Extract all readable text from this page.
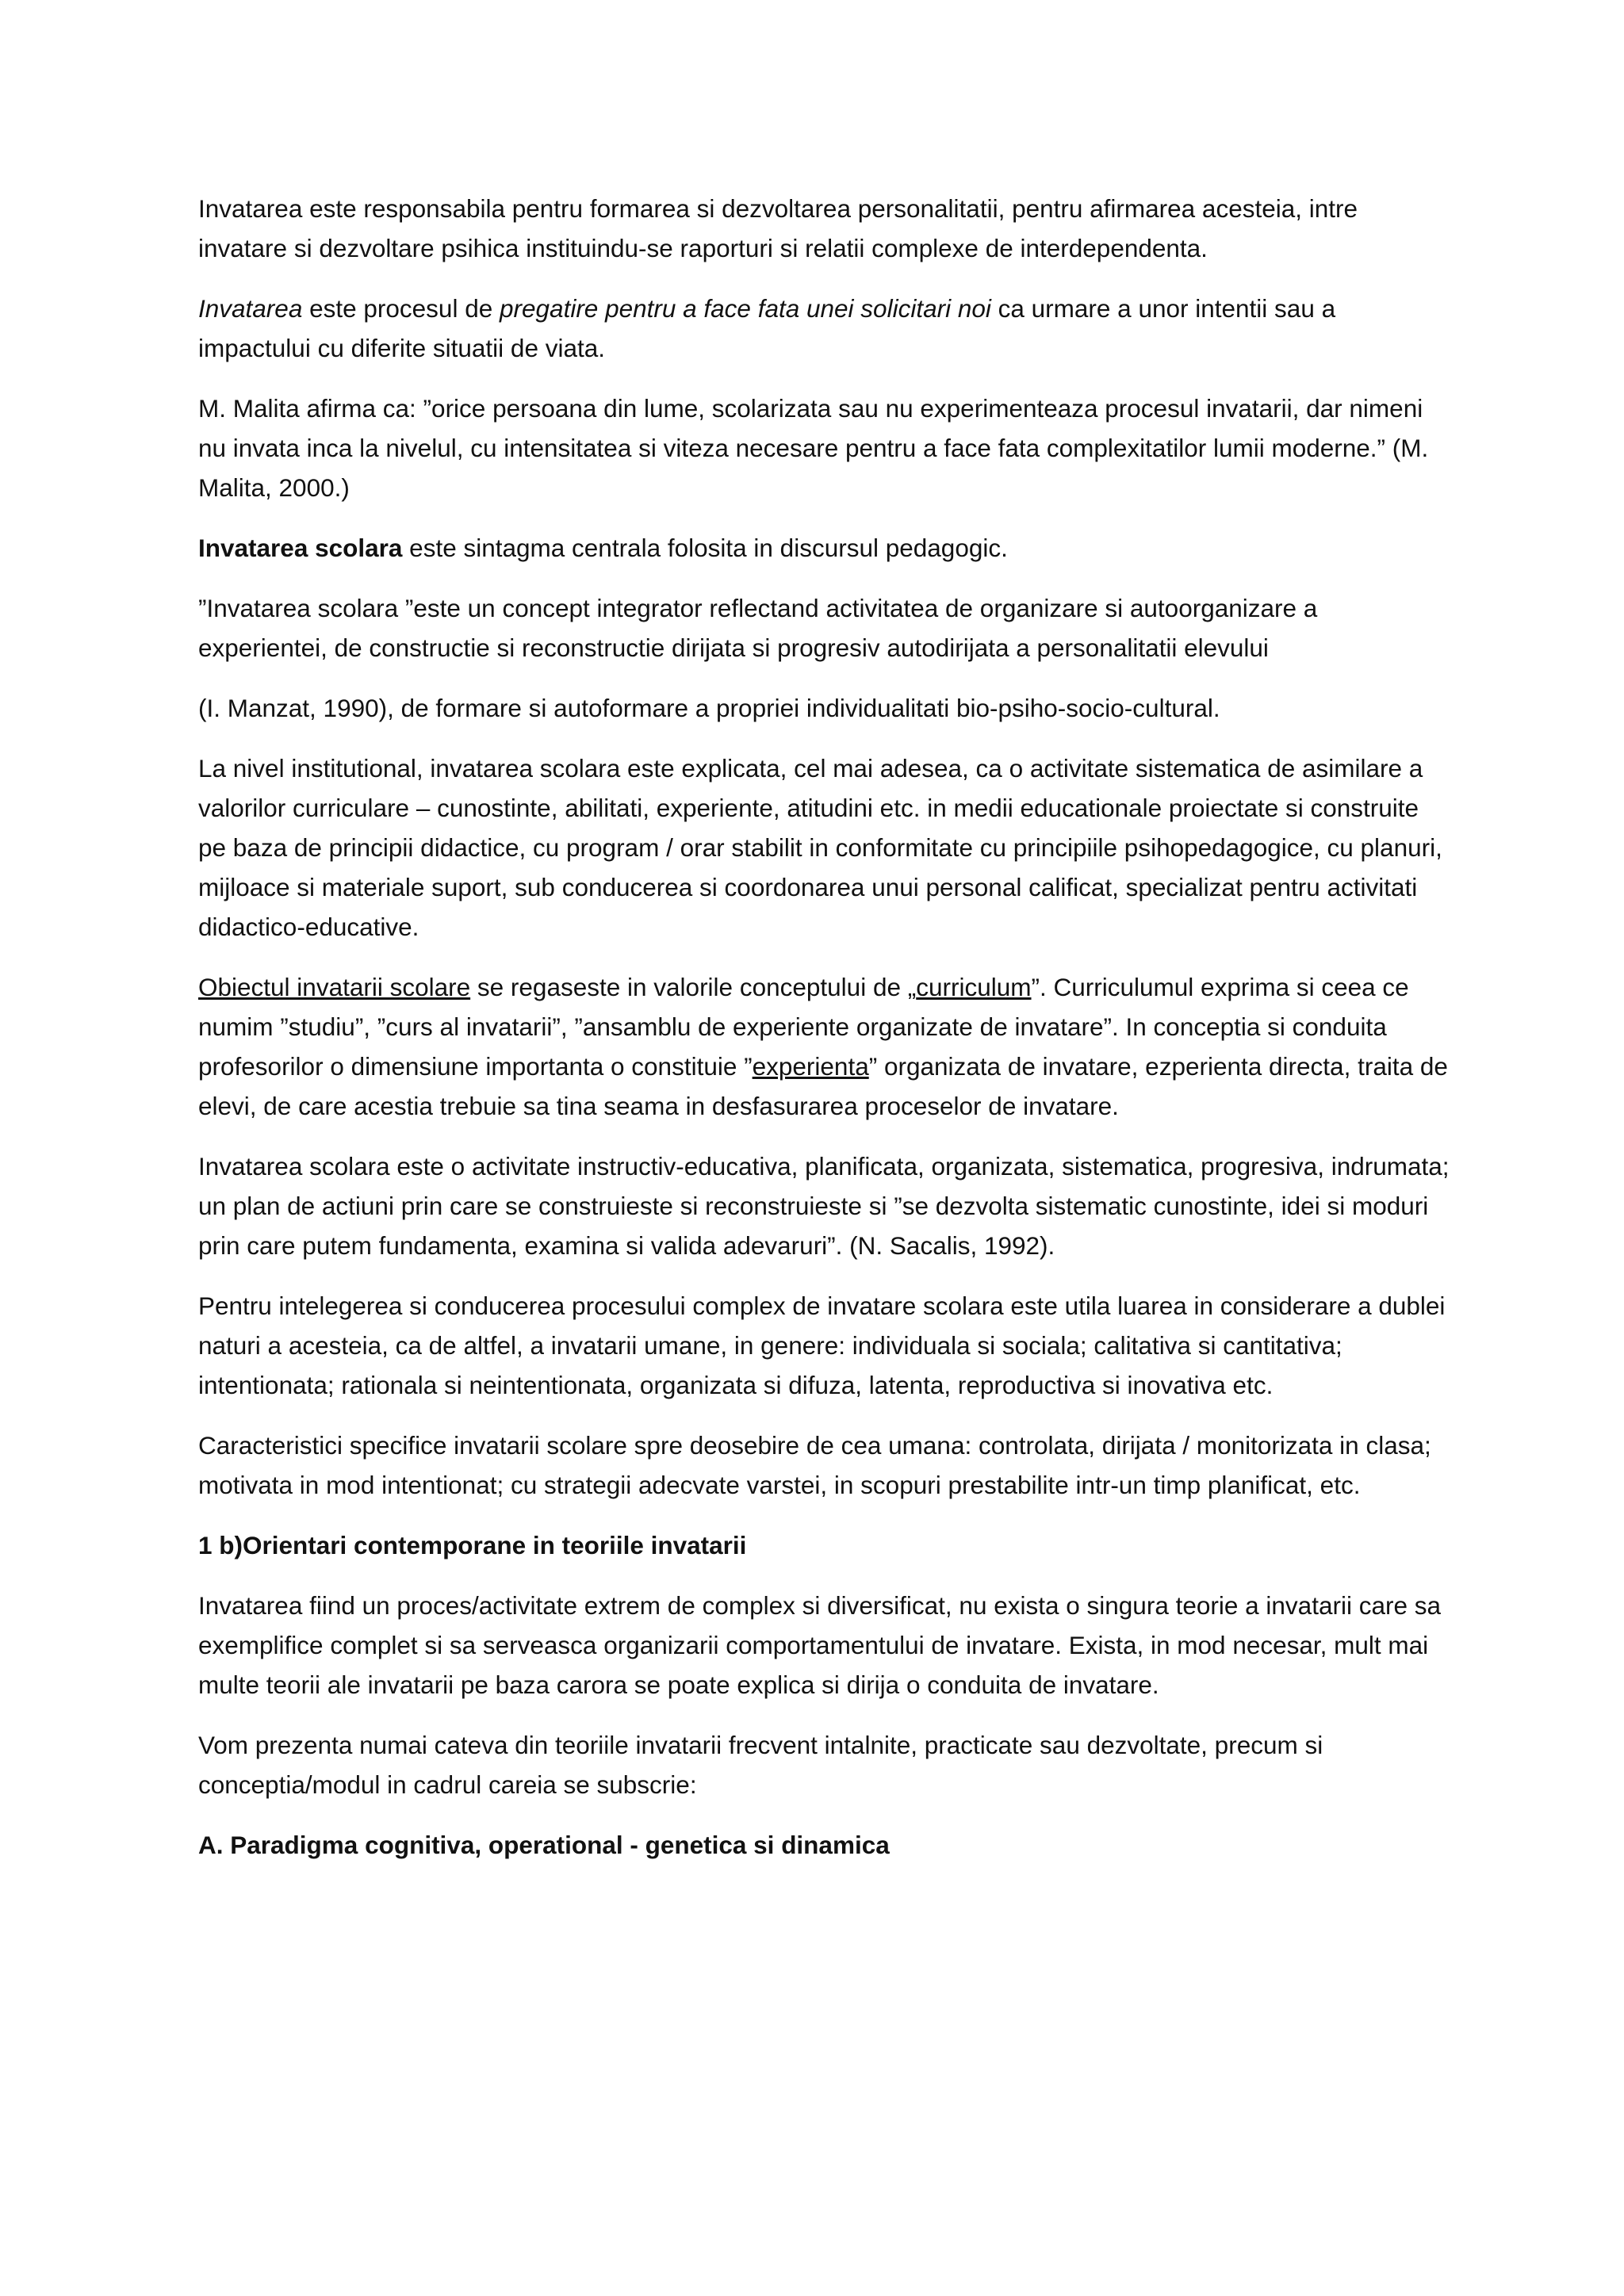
Invatarea este responsabila pentru formarea si dezvoltarea personalitatii, pentru afirmarea acesteia, intre invatare si dezvoltare psihica instituindu-se raporturi si relatii complexe de interdependenta.

Invatarea este procesul de pregatire pentru a face fata unei solicitari noi ca urmare a unor intentii sau a impactului cu diferite situatii de viata.

M. Malita afirma ca: ”orice persoana din lume, scolarizata sau nu experimenteaza procesul invatarii, dar nimeni nu invata inca la nivelul, cu intensitatea si viteza necesare pentru a face fata complexitatilor lumii moderne.” (M. Malita, 2000.)

Invatarea scolara este sintagma centrala folosita in discursul pedagogic.

”Invatarea scolara ”este un concept integrator reflectand activitatea de organizare si autoorganizare a experientei, de constructie si reconstructie dirijata si progresiv autodirijata a personalitatii elevului

(I. Manzat, 1990), de formare si autoformare a propriei individualitati bio-psiho-socio-cultural.

La nivel institutional, invatarea scolara este explicata, cel mai adesea, ca o activitate sistematica de asimilare a valorilor curriculare – cunostinte, abilitati, experiente, atitudini etc. in medii educationale proiectate si construite pe baza de principii didactice, cu program / orar stabilit in conformitate cu principiile psihopedagogice, cu planuri, mijloace si materiale suport, sub conducerea si coordonarea unui personal calificat, specializat pentru activitati didactico-educative.

Obiectul invatarii scolare se regaseste in valorile conceptului de „curriculum”. Curriculumul exprima si ceea ce numim ”studiu”, ”curs al invatarii”, ”ansamblu de experiente organizate de invatare”. In conceptia si conduita profesorilor o dimensiune importanta o constituie ”experienta” organizata de invatare, ezperienta directa, traita de elevi, de care acestia trebuie sa tina seama in desfasurarea proceselor de invatare.

Invatarea scolara este o activitate instructiv-educativa, planificata, organizata, sistematica, progresiva, indrumata; un plan de actiuni prin care se construieste si reconstruieste si ”se dezvolta sistematic cunostinte, idei si moduri prin care putem fundamenta, examina si valida adevaruri”. (N. Sacalis, 1992).

Pentru intelegerea si conducerea procesului complex de invatare scolara este utila luarea in considerare a dublei naturi a acesteia, ca de altfel, a invatarii umane, in genere: individuala si sociala; calitativa si cantitativa; intentionata; rationala si neintentionata, organizata si difuza, latenta, reproductiva si inovativa etc.

Caracteristici specifice invatarii scolare spre deosebire de cea umana: controlata, dirijata / monitorizata in clasa; motivata in mod intentionat; cu strategii adecvate varstei, in scopuri prestabilite intr-un timp planificat, etc.

1 b)Orientari contemporane in teoriile invatarii

Invatarea fiind un proces/activitate extrem de complex si diversificat, nu exista o singura teorie a invatarii care sa exemplifice complet si sa serveasca organizarii comportamentului de invatare. Exista, in mod necesar, mult mai multe teorii ale invatarii pe baza carora se poate explica si dirija o conduita de invatare.

Vom prezenta numai cateva din teoriile invatarii frecvent intalnite, practicate sau dezvoltate, precum si conceptia/modul in cadrul careia se subscrie:

A. Paradigma cognitiva, operational - genetica si dinamica
